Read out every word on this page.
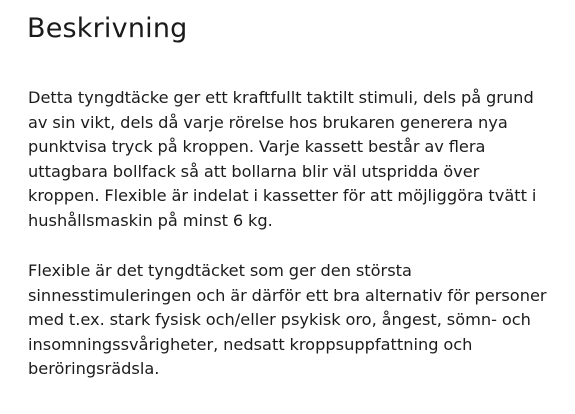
Beskrivning

Detta tyngdtäcke ger ett kraftfullt taktilt stimuli, dels på grund av sin vikt, dels då varje rörelse hos brukaren generera nya punktvisa tryck på kroppen. Varje kassett består av flera uttagbara bollfack så att bollarna blir väl utspridda över kroppen. Flexible är indelat i kassetter för att möjliggöra tvätt i hushållsmaskin på minst 6 kg.

Flexible är det tyngdtäcket som ger den största sinnesstimuleringen och är därför ett bra alternativ för personer med t.ex. stark fysisk och/eller psykisk oro, ångest, sömn- och insomningssvårigheter, nedsatt kroppsuppfattning och beröringsrädsla.
